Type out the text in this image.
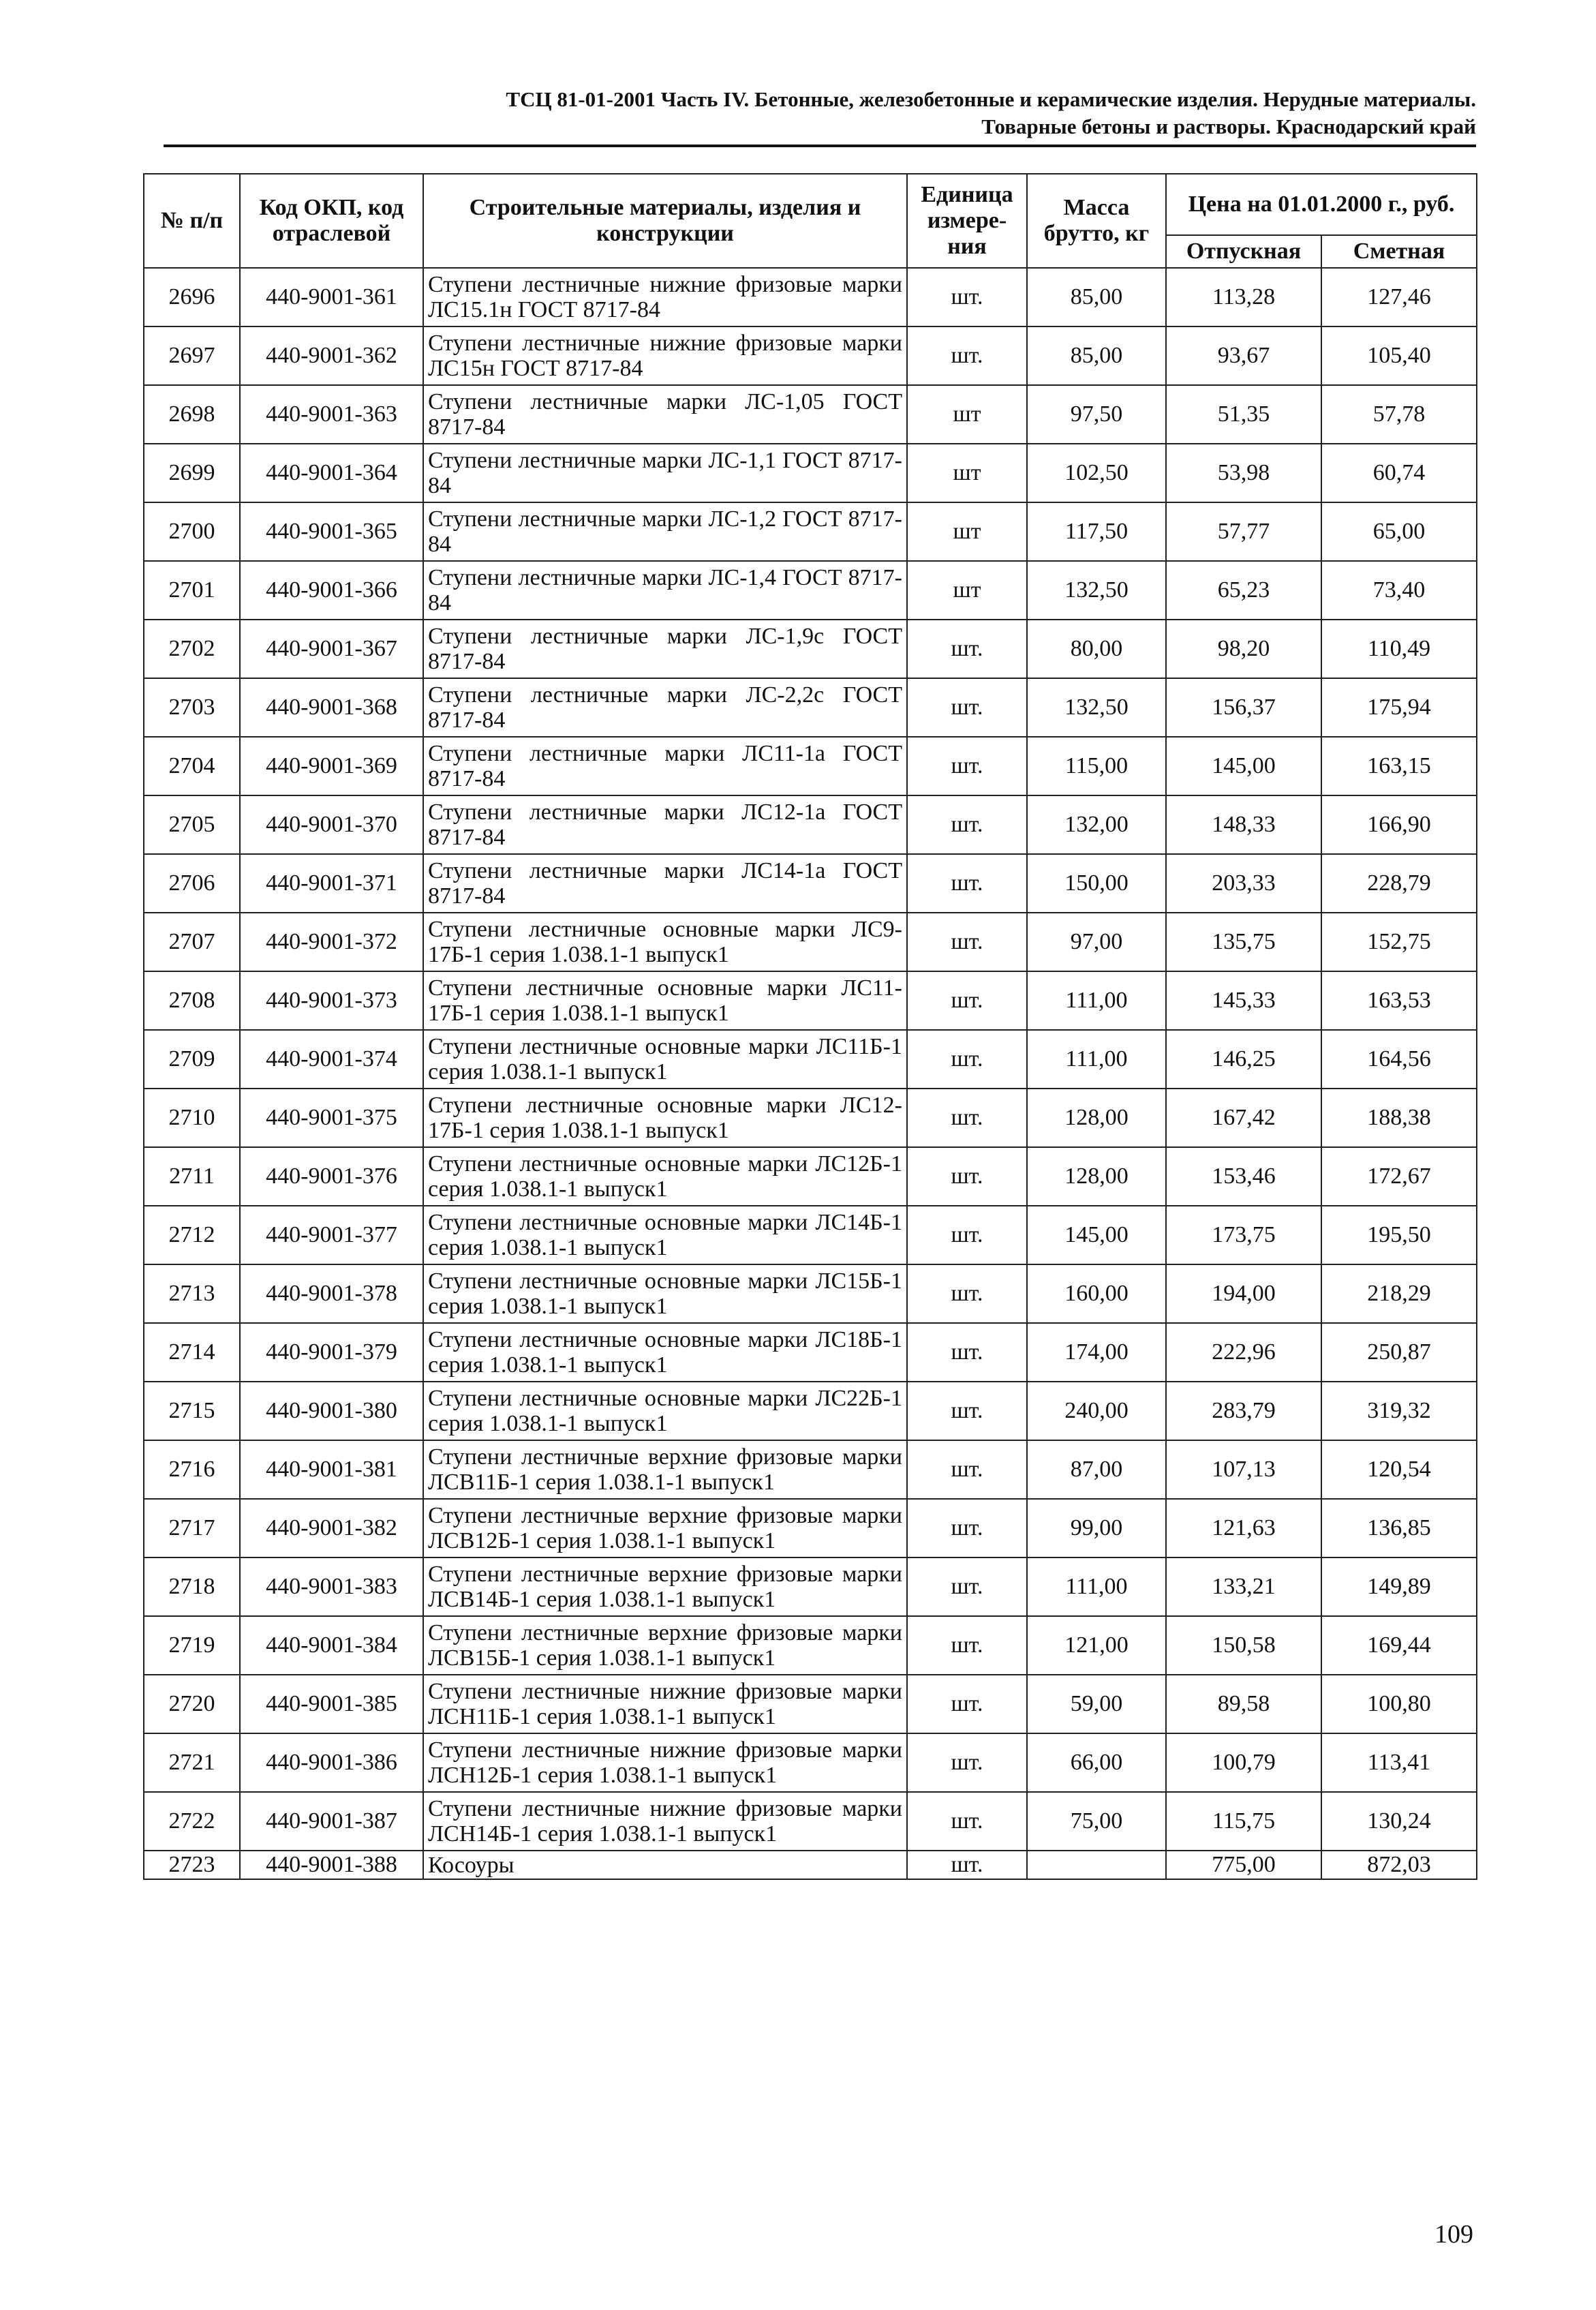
ТСЦ 81-01-2001 Часть IV. Бетонные, железобетонные и керамические изделия. Нерудные материалы.
Товарные бетоны и растворы. Краснодарский край
№ п/п	Код ОКП, код отраслевой	Строительные материалы, изделия и конструкции	Единица измере-ния	Масса брутто, кг	Цена на 01.01.2000 г., руб.	
					Отпускная	Сметная
2696	440-9001-361	Ступени лестничные нижние фризовые марки ЛС15.1н ГОСТ 8717-84	шт.	85,00	113,28	127,46
2697	440-9001-362	Ступени лестничные нижние фризовые марки ЛС15н ГОСТ 8717-84	шт.	85,00	93,67	105,40
2698	440-9001-363	Ступени лестничные марки ЛС-1,05 ГОСТ 8717-84	шт	97,50	51,35	57,78
2699	440-9001-364	Ступени лестничные марки ЛС-1,1 ГОСТ 8717-84	шт	102,50	53,98	60,74
2700	440-9001-365	Ступени лестничные марки ЛС-1,2 ГОСТ 8717-84	шт	117,50	57,77	65,00
2701	440-9001-366	Ступени лестничные марки ЛС-1,4 ГОСТ 8717-84	шт	132,50	65,23	73,40
2702	440-9001-367	Ступени лестничные марки ЛС-1,9с ГОСТ 8717-84	шт.	80,00	98,20	110,49
2703	440-9001-368	Ступени лестничные марки ЛС-2,2с ГОСТ 8717-84	шт.	132,50	156,37	175,94
2704	440-9001-369	Ступени лестничные марки ЛС11-1а ГОСТ 8717-84	шт.	115,00	145,00	163,15
2705	440-9001-370	Ступени лестничные марки ЛС12-1а ГОСТ 8717-84	шт.	132,00	148,33	166,90
2706	440-9001-371	Ступени лестничные марки ЛС14-1а ГОСТ 8717-84	шт.	150,00	203,33	228,79
2707	440-9001-372	Ступени лестничные основные марки ЛС9-17Б-1 серия 1.038.1-1 выпуск1	шт.	97,00	135,75	152,75
2708	440-9001-373	Ступени лестничные основные марки ЛС11-17Б-1 серия 1.038.1-1 выпуск1	шт.	111,00	145,33	163,53
2709	440-9001-374	Ступени лестничные основные марки ЛС11Б-1 серия 1.038.1-1 выпуск1	шт.	111,00	146,25	164,56
2710	440-9001-375	Ступени лестничные основные марки ЛС12-17Б-1 серия 1.038.1-1 выпуск1	шт.	128,00	167,42	188,38
2711	440-9001-376	Ступени лестничные основные марки ЛС12Б-1 серия 1.038.1-1 выпуск1	шт.	128,00	153,46	172,67
2712	440-9001-377	Ступени лестничные основные марки ЛС14Б-1 серия 1.038.1-1 выпуск1	шт.	145,00	173,75	195,50
2713	440-9001-378	Ступени лестничные основные марки ЛС15Б-1 серия 1.038.1-1 выпуск1	шт.	160,00	194,00	218,29
2714	440-9001-379	Ступени лестничные основные марки ЛС18Б-1 серия 1.038.1-1 выпуск1	шт.	174,00	222,96	250,87
2715	440-9001-380	Ступени лестничные основные марки ЛС22Б-1 серия 1.038.1-1 выпуск1	шт.	240,00	283,79	319,32
2716	440-9001-381	Ступени лестничные верхние фризовые марки ЛСВ11Б-1 серия 1.038.1-1 выпуск1	шт.	87,00	107,13	120,54
2717	440-9001-382	Ступени лестничные верхние фризовые марки ЛСВ12Б-1 серия 1.038.1-1 выпуск1	шт.	99,00	121,63	136,85
2718	440-9001-383	Ступени лестничные верхние фризовые марки ЛСВ14Б-1 серия 1.038.1-1 выпуск1	шт.	111,00	133,21	149,89
2719	440-9001-384	Ступени лестничные верхние фризовые марки ЛСВ15Б-1 серия 1.038.1-1 выпуск1	шт.	121,00	150,58	169,44
2720	440-9001-385	Ступени лестничные нижние фризовые марки ЛСН11Б-1 серия 1.038.1-1 выпуск1	шт.	59,00	89,58	100,80
2721	440-9001-386	Ступени лестничные нижние фризовые марки ЛСН12Б-1 серия 1.038.1-1 выпуск1	шт.	66,00	100,79	113,41
2722	440-9001-387	Ступени лестничные нижние фризовые марки ЛСН14Б-1 серия 1.038.1-1 выпуск1	шт.	75,00	115,75	130,24
2723	440-9001-388	Косоуры	шт.		775,00	872,03
109
